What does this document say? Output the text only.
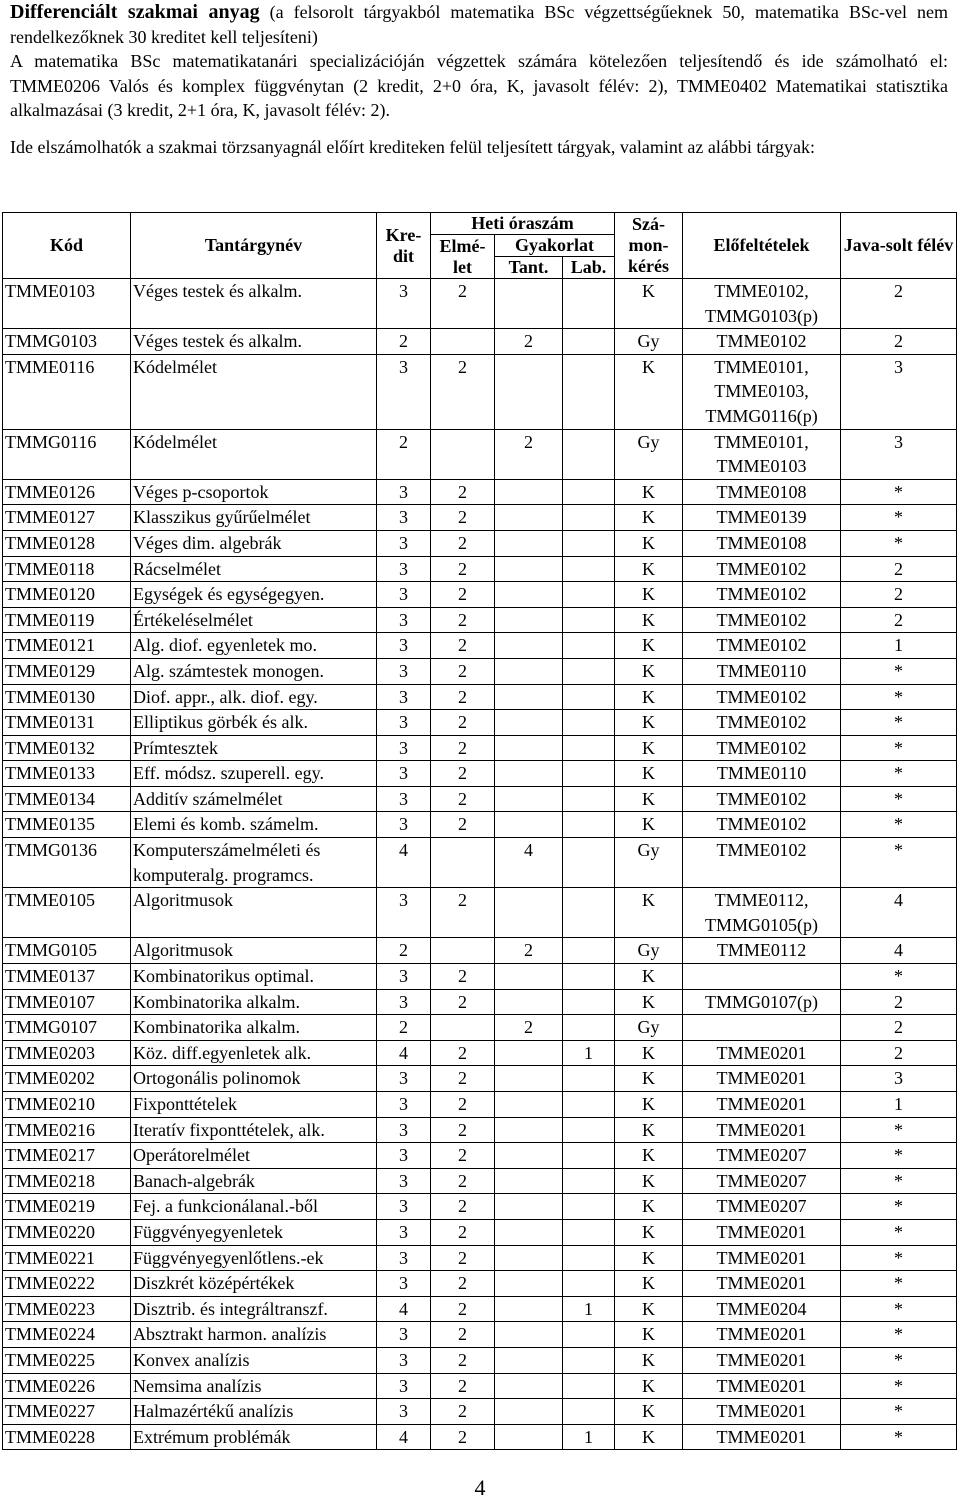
Differenciált szakmai anyag (a felsorolt tárgyakból matematika BSc végzettségűeknek 50, matematika BSc-vel nem rendelkezőknek 30 kreditet kell teljesíteni)

A matematika BSc matematikatanári specializációján végzettek számára kötelezően teljesítendő és ide számolható el: TMME0206 Valós és komplex függvénytan (2 kredit, 2+0 óra, K, javasolt félév: 2), TMME0402 Matematikai statisztika alkalmazásai (3 kredit, 2+1 óra, K, javasolt félév: 2).

Ide elszámolhatók a szakmai törzsanyagnál előírt krediteken felül teljesített tárgyak, valamint az alábbi tárgyak:

Kód	Tantárgynév	Kre-dit	Heti óraszám			Szá-mon-kérés	Előfeltételek	Java-solt félév
			Elmé-let	Gyakorlat				
				Tant.	Lab.			
TMME0103	Véges testek és alkalm.	3	2			K	TMME0102, TMMG0103(p)	2
TMMG0103	Véges testek és alkalm.	2		2		Gy	TMME0102	2
TMME0116	Kódelmélet	3	2			K	TMME0101, TMME0103, TMMG0116(p)	3
TMMG0116	Kódelmélet	2		2		Gy	TMME0101, TMME0103	3
TMME0126	Véges p-csoportok	3	2			K	TMME0108	*
TMME0127	Klasszikus gyűrűelmélet	3	2			K	TMME0139	*
TMME0128	Véges dim. algebrák	3	2			K	TMME0108	*
TMME0118	Rácselmélet	3	2			K	TMME0102	2
TMME0120	Egységek és egységegyen.	3	2			K	TMME0102	2
TMME0119	Értékeléselmélet	3	2			K	TMME0102	2
TMME0121	Alg. diof. egyenletek mo.	3	2			K	TMME0102	1
TMME0129	Alg. számtestek monogen.	3	2			K	TMME0110	*
TMME0130	Diof. appr., alk. diof. egy.	3	2			K	TMME0102	*
TMME0131	Elliptikus görbék és alk.	3	2			K	TMME0102	*
TMME0132	Prímtesztek	3	2			K	TMME0102	*
TMME0133	Eff. módsz. szuperell. egy.	3	2			K	TMME0110	*
TMME0134	Additív számelmélet	3	2			K	TMME0102	*
TMME0135	Elemi és komb. számelm.	3	2			K	TMME0102	*
TMMG0136	Komputerszámelméleti és komputeralg. programcs.	4		4		Gy	TMME0102	*
TMME0105	Algoritmusok	3	2			K	TMME0112, TMMG0105(p)	4
TMMG0105	Algoritmusok	2		2		Gy	TMME0112	4
TMME0137	Kombinatorikus optimal.	3	2			K		*
TMME0107	Kombinatorika alkalm.	3	2			K	TMMG0107(p)	2
TMMG0107	Kombinatorika alkalm.	2		2		Gy		2
TMME0203	Köz. diff.egyenletek alk.	4	2		1	K	TMME0201	2
TMME0202	Ortogonális polinomok	3	2			K	TMME0201	3
TMME0210	Fixponttételek	3	2			K	TMME0201	1
TMME0216	Iteratív fixponttételek, alk.	3	2			K	TMME0201	*
TMME0217	Operátorelmélet	3	2			K	TMME0207	*
TMME0218	Banach-algebrák	3	2			K	TMME0207	*
TMME0219	Fej. a funkcionálanal.-ből	3	2			K	TMME0207	*
TMME0220	Függvényegyenletek	3	2			K	TMME0201	*
TMME0221	Függvényegyenlőtlens.-ek	3	2			K	TMME0201	*
TMME0222	Diszkrét középértékek	3	2			K	TMME0201	*
TMME0223	Disztrib. és integráltranszf.	4	2		1	K	TMME0204	*
TMME0224	Absztrakt harmon. analízis	3	2			K	TMME0201	*
TMME0225	Konvex analízis	3	2			K	TMME0201	*
TMME0226	Nemsima analízis	3	2			K	TMME0201	*
TMME0227	Halmazértékű analízis	3	2			K	TMME0201	*
TMME0228	Extrémum problémák	4	2		1	K	TMME0201	*
4
